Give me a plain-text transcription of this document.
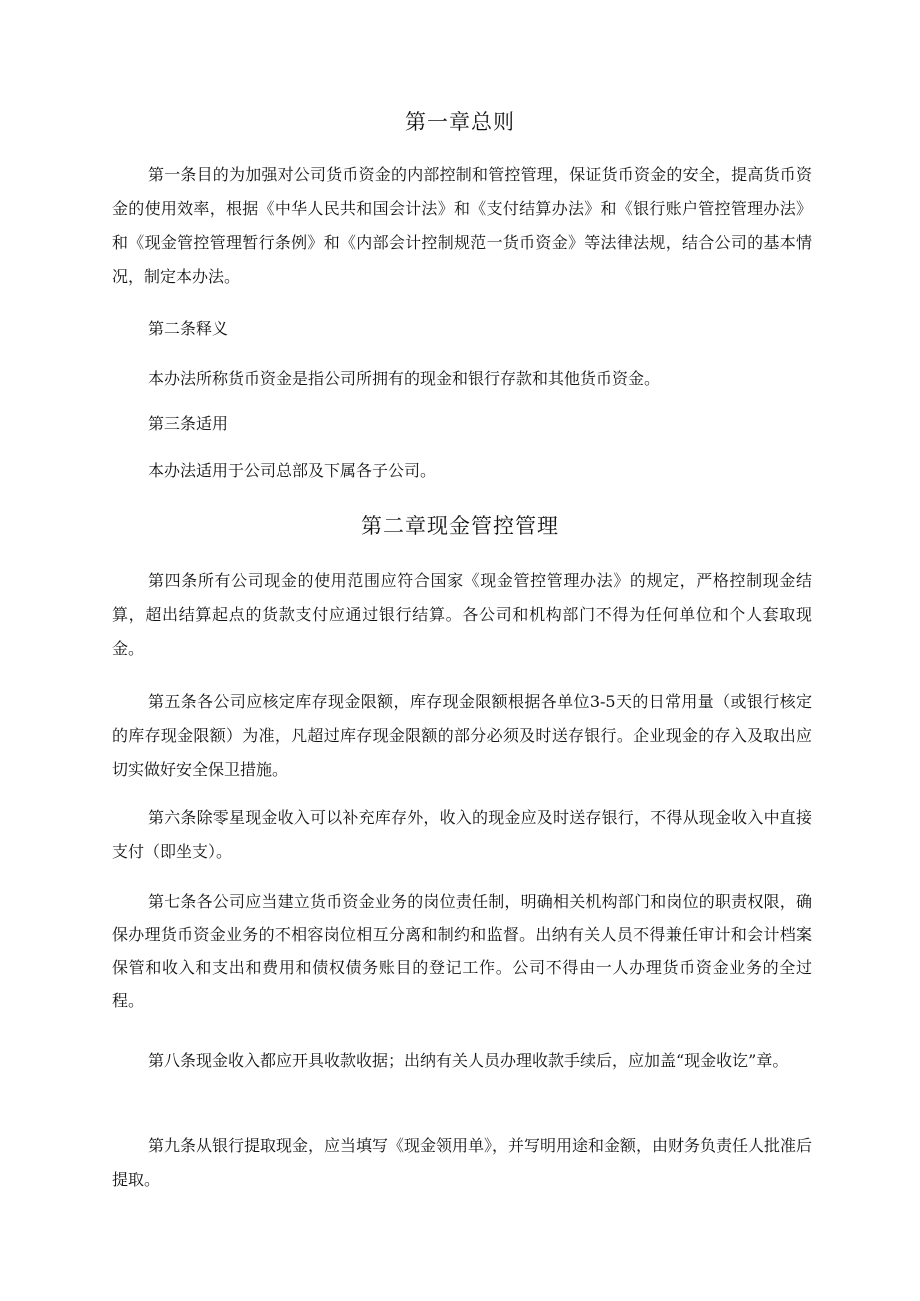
第一章总则

第一条目的为加强对公司货币资金的内部控制和管控管理，保证货币资金的安全，提高货币资金的使用效率，根据《中华人民共和国会计法》和《支付结算办法》和《银行账户管控管理办法》和《现金管控管理暂行条例》和《内部会计控制规范一货币资金》等法律法规，结合公司的基本情况，制定本办法。

第二条释义

本办法所称货币资金是指公司所拥有的现金和银行存款和其他货币资金。

第三条适用

本办法适用于公司总部及下属各子公司。

第二章现金管控管理

第四条所有公司现金的使用范围应符合国家《现金管控管理办法》的规定，严格控制现金结算，超出结算起点的货款支付应通过银行结算。各公司和机构部门不得为任何单位和个人套取现金。

第五条各公司应核定库存现金限额，库存现金限额根据各单位3-5天的日常用量（或银行核定的库存现金限额）为准，凡超过库存现金限额的部分必须及时送存银行。企业现金的存入及取出应切实做好安全保卫措施。

第六条除零星现金收入可以补充库存外，收入的现金应及时送存银行，不得从现金收入中直接支付（即坐支）。

第七条各公司应当建立货币资金业务的岗位责任制，明确相关机构部门和岗位的职责权限，确保办理货币资金业务的不相容岗位相互分离和制约和监督。出纳有关人员不得兼任审计和会计档案保管和收入和支出和费用和债权债务账目的登记工作。公司不得由一人办理货币资金业务的全过程。

第八条现金收入都应开具收款收据；出纳有关人员办理收款手续后，应加盖“现金收讫”章。

第九条从银行提取现金，应当填写《现金领用单》，并写明用途和金额，由财务负责任人批准后提取。
